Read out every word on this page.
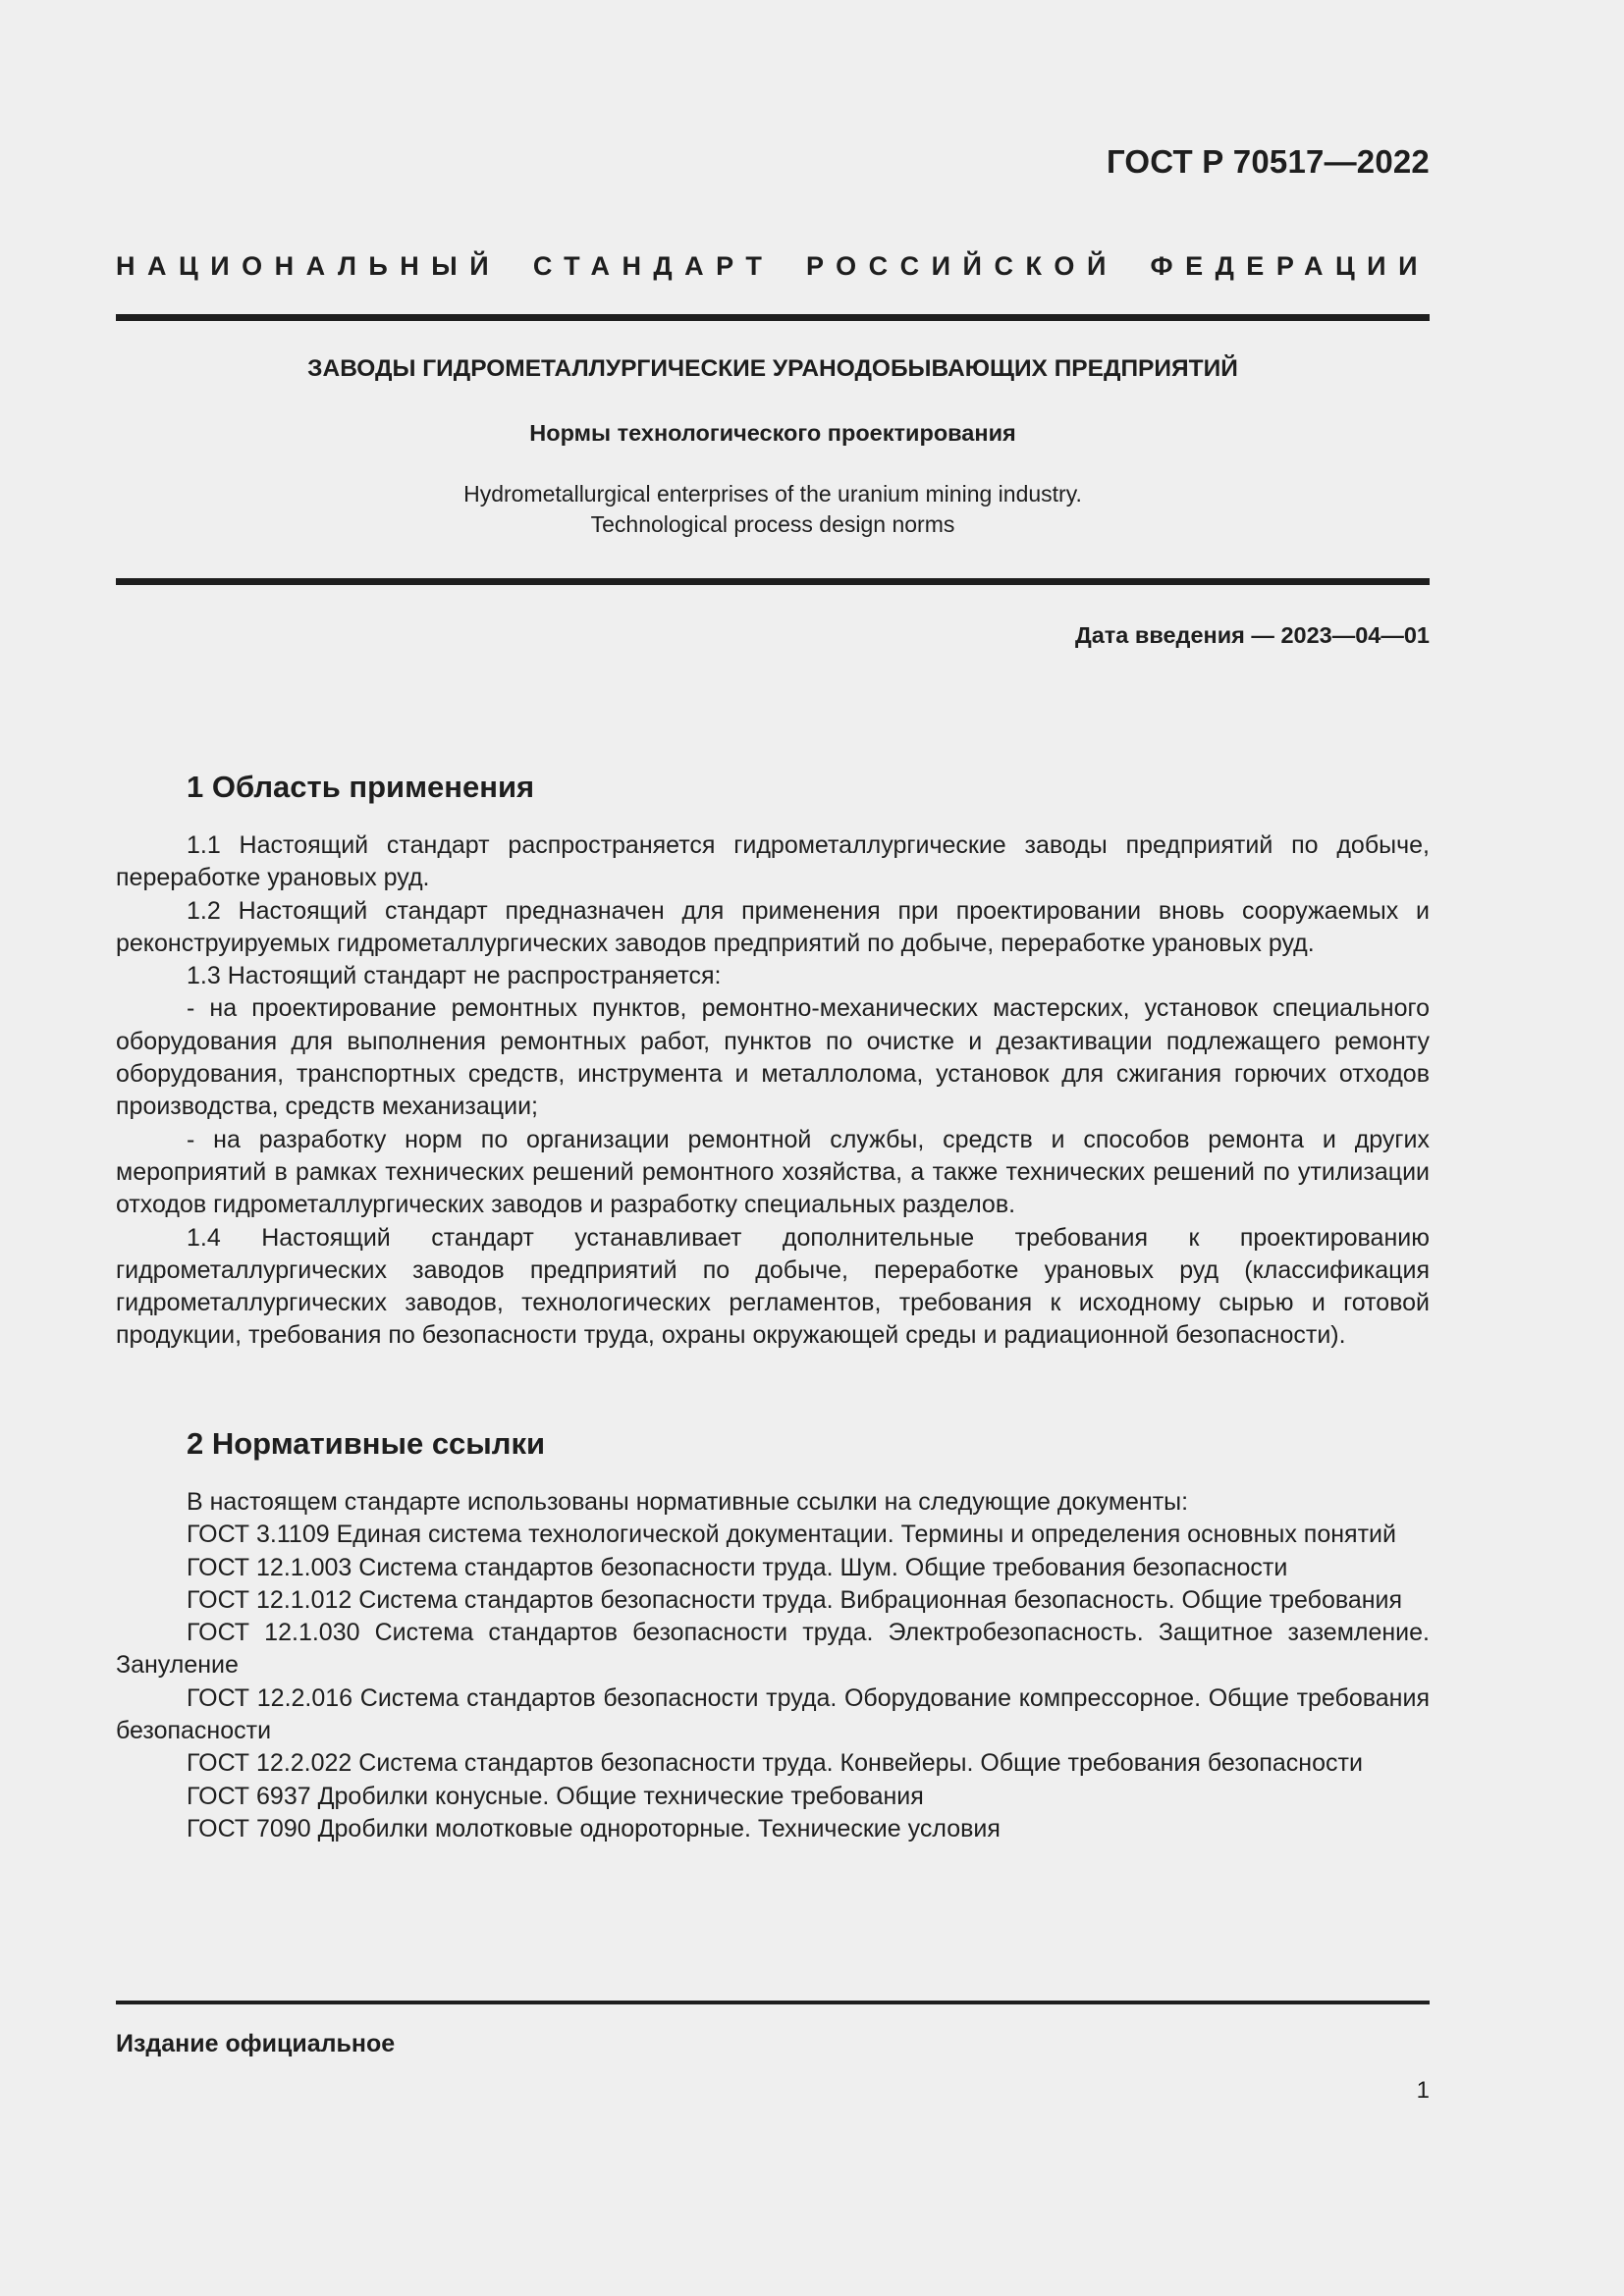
ГОСТ Р 70517—2022
НАЦИОНАЛЬНЫЙ СТАНДАРТ РОССИЙСКОЙ ФЕДЕРАЦИИ
ЗАВОДЫ ГИДРОМЕТАЛЛУРГИЧЕСКИЕ УРАНОДОБЫВАЮЩИХ ПРЕДПРИЯТИЙ
Нормы технологического проектирования
Hydrometallurgical enterprises of the uranium mining industry.
Technological process design norms
Дата введения — 2023—04—01
1 Область применения

1.1 Настоящий стандарт распространяется гидрометаллургические заводы предприятий по добыче, переработке урановых руд.

1.2 Настоящий стандарт предназначен для применения при проектировании вновь сооружаемых и реконструируемых гидрометаллургических заводов предприятий по добыче, переработке урановых руд.

1.3 Настоящий стандарт не распространяется:

- на проектирование ремонтных пунктов, ремонтно-механических мастерских, установок специального оборудования для выполнения ремонтных работ, пунктов по очистке и дезактивации подлежащего ремонту оборудования, транспортных средств, инструмента и металлолома, установок для сжигания горючих отходов производства, средств механизации;

- на разработку норм по организации ремонтной службы, средств и способов ремонта и других мероприятий в рамках технических решений ремонтного хозяйства, а также технических решений по утилизации отходов гидрометаллургических заводов и разработку специальных разделов.

1.4 Настоящий стандарт устанавливает дополнительные требования к проектированию гидрометаллургических заводов предприятий по добыче, переработке урановых руд (классификация гидрометаллургических заводов, технологических регламентов, требования к исходному сырью и готовой продукции, требования по безопасности труда, охраны окружающей среды и радиационной безопасности).

2 Нормативные ссылки

В настоящем стандарте использованы нормативные ссылки на следующие документы:

ГОСТ 3.1109 Единая система технологической документации. Термины и определения основных понятий

ГОСТ 12.1.003 Система стандартов безопасности труда. Шум. Общие требования безопасности

ГОСТ 12.1.012 Система стандартов безопасности труда. Вибрационная безопасность. Общие требования

ГОСТ 12.1.030 Система стандартов безопасности труда. Электробезопасность. Защитное заземление. Зануление

ГОСТ 12.2.016 Система стандартов безопасности труда. Оборудование компрессорное. Общие требования безопасности

ГОСТ 12.2.022 Система стандартов безопасности труда. Конвейеры. Общие требования безопасности

ГОСТ 6937 Дробилки конусные. Общие технические требования

ГОСТ 7090 Дробилки молотковые однороторные. Технические условия

Издание официальное
1
